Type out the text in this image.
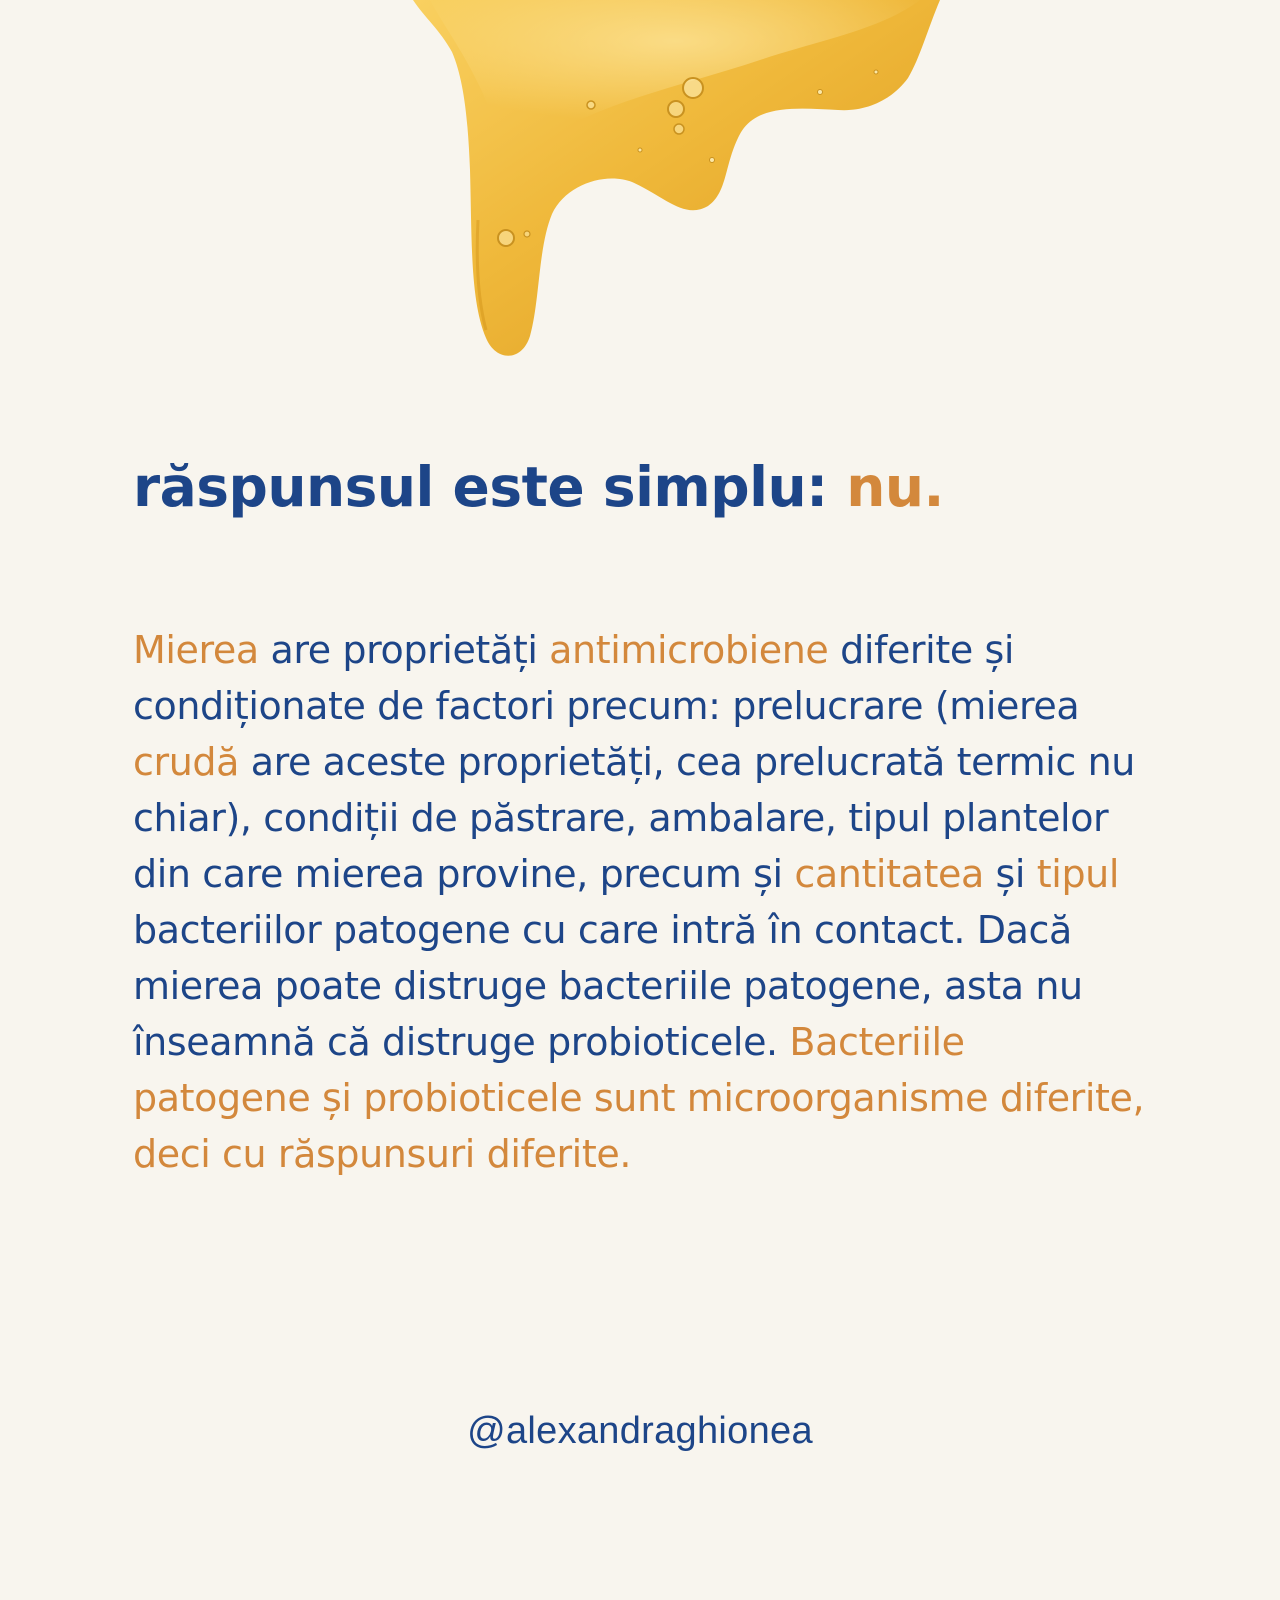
răspunsul este simplu: nu.

Mierea are proprietăți antimicrobiene diferite și condiționate de factori precum: prelucrare (mierea crudă are aceste proprietăți, cea prelucrată termic nu chiar), condiții de păstrare, ambalare, tipul plantelor din care mierea provine, precum și cantitatea și tipul bacteriilor patogene cu care intră în contact. Dacă mierea poate distruge bacteriile patogene, asta nu înseamnă că distruge probioticele. Bacteriile patogene și probioticele sunt microorganisme diferite, deci cu răspunsuri diferite.

@alexandraghionea
